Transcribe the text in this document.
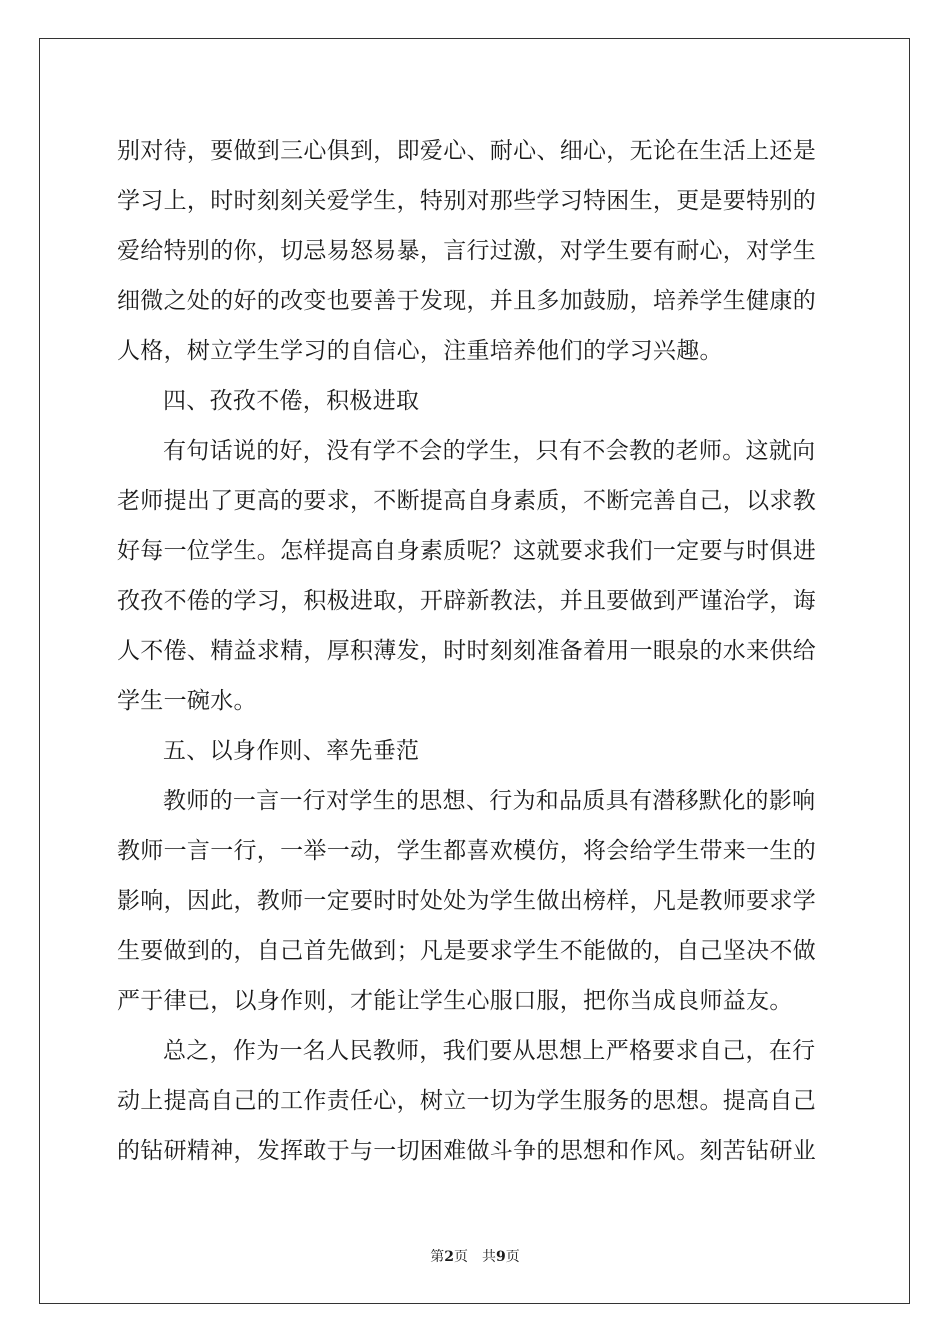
别对待，要做到三心俱到，即爱心、耐心、细心，无论在生活上还是
学习上，时时刻刻关爱学生，特别对那些学习特困生，更是要特别的
爱给特别的你，切忌易怒易暴，言行过激，对学生要有耐心，对学生
细微之处的好的改变也要善于发现，并且多加鼓励，培养学生健康的
人格，树立学生学习的自信心，注重培养他们的学习兴趣。
四、孜孜不倦，积极进取
有句话说的好，没有学不会的学生，只有不会教的老师。这就向
老师提出了更高的要求，不断提高自身素质，不断完善自己，以求教
好每一位学生。怎样提高自身素质呢？这就要求我们一定要与时俱进
孜孜不倦的学习，积极进取，开辟新教法，并且要做到严谨治学，诲
人不倦、精益求精，厚积薄发，时时刻刻准备着用一眼泉的水来供给
学生一碗水。
五、以身作则、率先垂范
教师的一言一行对学生的思想、行为和品质具有潜移默化的影响
教师一言一行，一举一动，学生都喜欢模仿，将会给学生带来一生的
影响，因此，教师一定要时时处处为学生做出榜样，凡是教师要求学
生要做到的，自己首先做到；凡是要求学生不能做的，自己坚决不做
严于律已，以身作则，才能让学生心服口服，把你当成良师益友。
总之，作为一名人民教师，我们要从思想上严格要求自己，在行
动上提高自己的工作责任心，树立一切为学生服务的思想。提高自己
的钻研精神，发挥敢于与一切困难做斗争的思想和作风。刻苦钻研业
第2页 共9页
